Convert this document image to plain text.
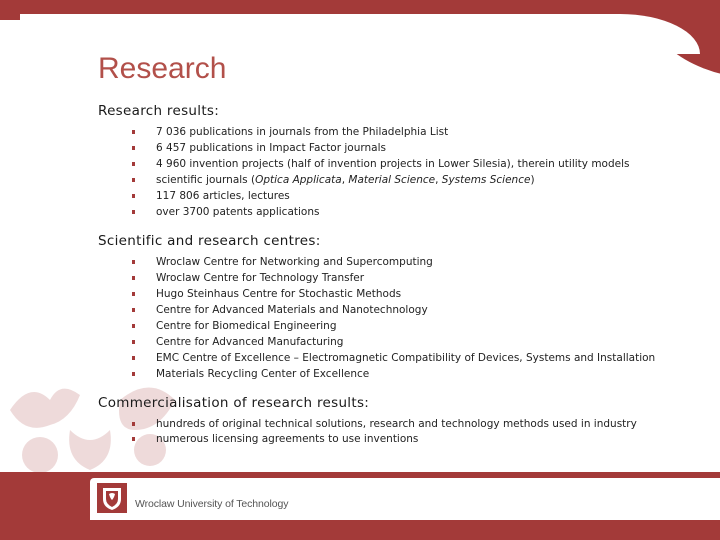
Research
Research results:
7 036 publications in journals from the Philadelphia List
6 457 publications in Impact Factor journals
4 960 invention projects (half of invention projects in Lower Silesia), therein utility models
scientific journals (Optica Applicata, Material Science, Systems Science)
117 806 articles, lectures
over 3700 patents applications
Scientific and research centres:
Wroclaw Centre for Networking and Supercomputing
Wroclaw Centre for Technology Transfer
Hugo Steinhaus Centre for Stochastic Methods
Centre for Advanced Materials and Nanotechnology
Centre for Biomedical Engineering
Centre for Advanced Manufacturing
EMC Centre of Excellence – Electromagnetic Compatibility of Devices, Systems and Installation
Materials Recycling Center of Excellence
Commercialisation of research results:
hundreds of original technical solutions, research and technology methods used in industry
numerous licensing agreements to use inventions
Wroclaw University of Technology
